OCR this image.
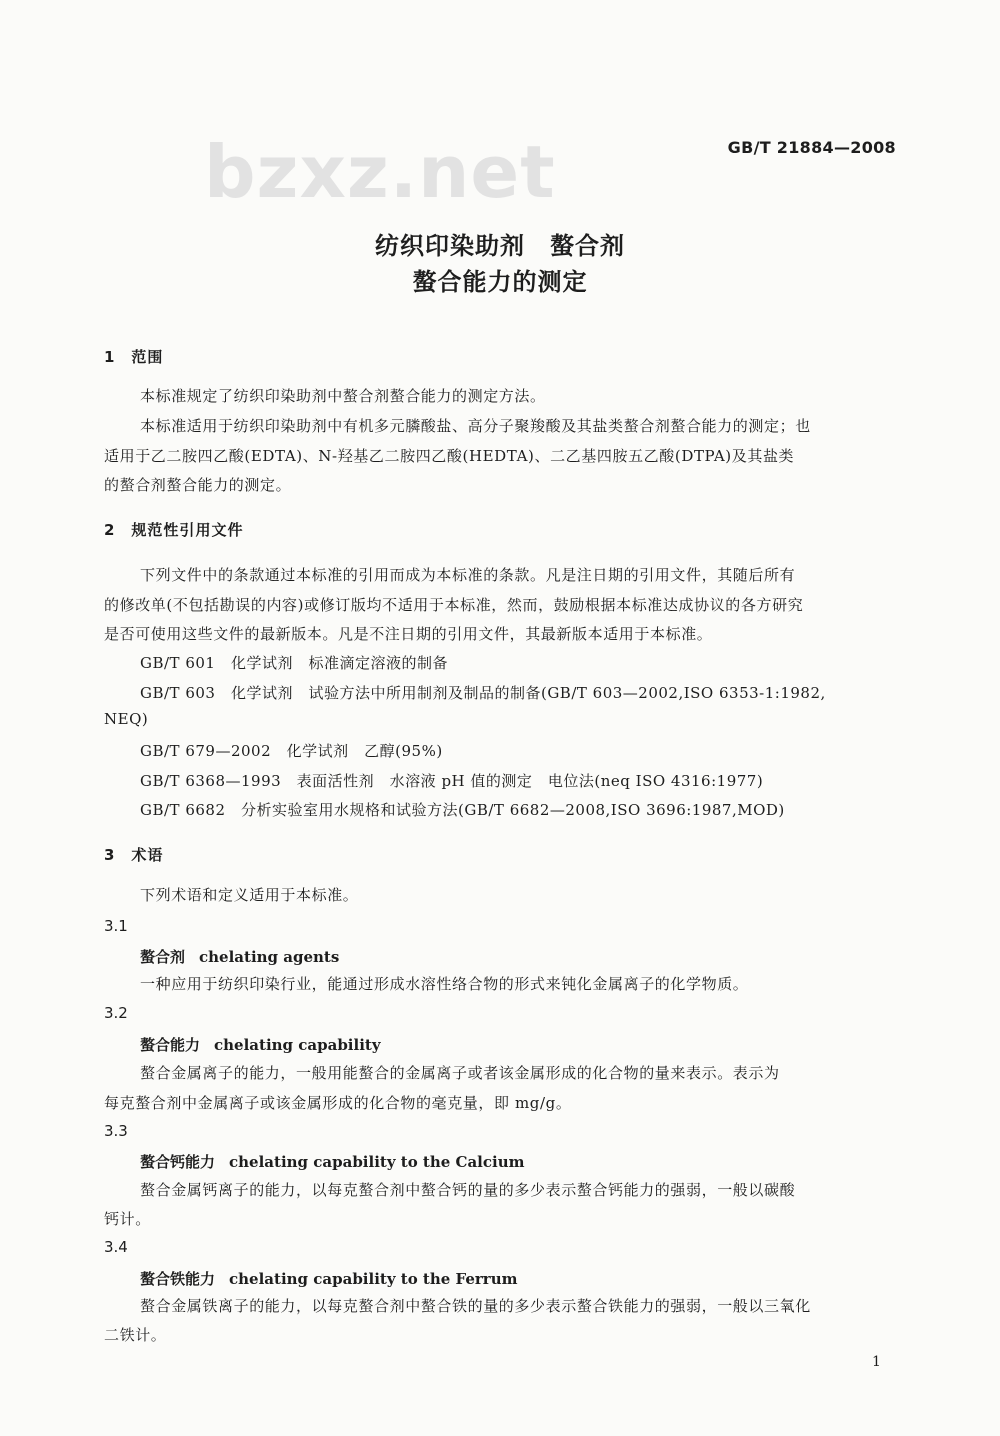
bzxz.net	GB/T 21884—2008
纺织印染助剂　螯合剂
螯合能力的测定
1　范围
本标准规定了纺织印染助剂中螯合剂螯合能力的测定方法。
本标准适用于纺织印染助剂中有机多元膦酸盐、高分子聚羧酸及其盐类螯合剂螯合能力的测定；也
适用于乙二胺四乙酸(EDTA)、N-羟基乙二胺四乙酸(HEDTA)、二乙基四胺五乙酸(DTPA)及其盐类
的螯合剂螯合能力的测定。
2　规范性引用文件
下列文件中的条款通过本标准的引用而成为本标准的条款。凡是注日期的引用文件，其随后所有
的修改单(不包括勘误的内容)或修订版均不适用于本标准，然而，鼓励根据本标准达成协议的各方研究
是否可使用这些文件的最新版本。凡是不注日期的引用文件，其最新版本适用于本标准。
GB/T 601　化学试剂　标准滴定溶液的制备
GB/T 603　化学试剂　试验方法中所用制剂及制品的制备(GB/T 603—2002,ISO 6353-1:1982,
NEQ)
GB/T 679—2002　化学试剂　乙醇(95%)
GB/T 6368—1993　表面活性剂　水溶液 pH 值的测定　电位法(neq ISO 4316:1977)
GB/T 6682　分析实验室用水规格和试验方法(GB/T 6682—2008,ISO 3696:1987,MOD)
3　术语
下列术语和定义适用于本标准。
3.1
螯合剂 chelating agents
一种应用于纺织印染行业，能通过形成水溶性络合物的形式来钝化金属离子的化学物质。
3.2
螯合能力 chelating capability
螯合金属离子的能力，一般用能螯合的金属离子或者该金属形成的化合物的量来表示。表示为
每克螯合剂中金属离子或该金属形成的化合物的毫克量，即 mg/g。
3.3
螯合钙能力 chelating capability to the Calcium
螯合金属钙离子的能力，以每克螯合剂中螯合钙的量的多少表示螯合钙能力的强弱，一般以碳酸
钙计。
3.4
螯合铁能力 chelating capability to the Ferrum
螯合金属铁离子的能力，以每克螯合剂中螯合铁的量的多少表示螯合铁能力的强弱，一般以三氧化
二铁计。
1
